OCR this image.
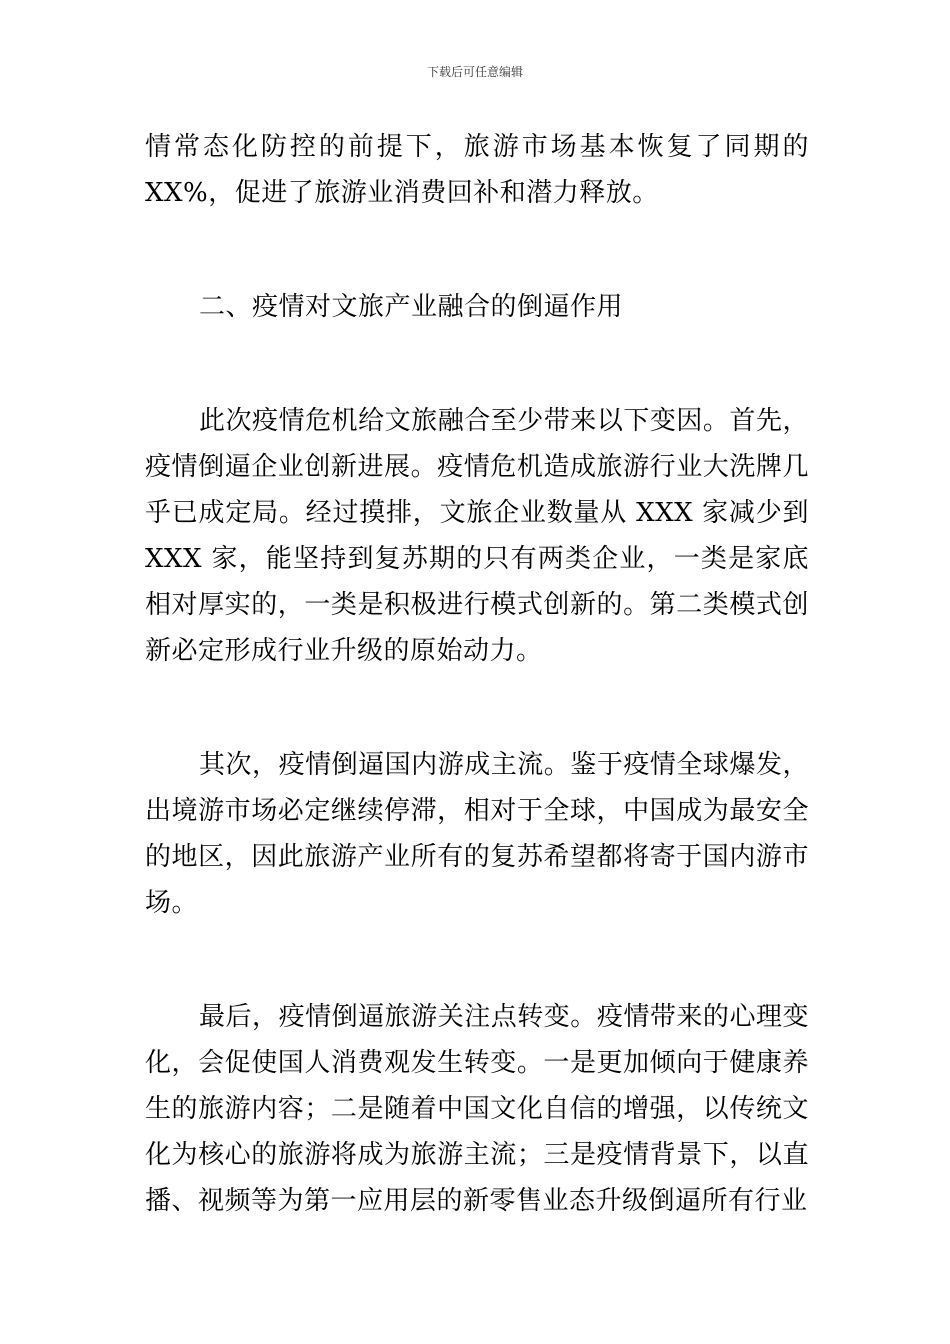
下载后可任意编辑

情常态化防控的前提下，旅游市场基本恢复了同期的 XX%，促进了旅游业消费回补和潜力释放。

二、疫情对文旅产业融合的倒逼作用

此次疫情危机给文旅融合至少带来以下变因。首先，疫情倒逼企业创新进展。疫情危机造成旅游行业大洗牌几乎已成定局。经过摸排，文旅企业数量从 XXX 家减少到 XXX 家，能坚持到复苏期的只有两类企业，一类是家底相对厚实的，一类是积极进行模式创新的。第二类模式创新必定形成行业升级的原始动力。

其次，疫情倒逼国内游成主流。鉴于疫情全球爆发，出境游市场必定继续停滞，相对于全球，中国成为最安全的地区，因此旅游产业所有的复苏希望都将寄于国内游市场。

最后，疫情倒逼旅游关注点转变。疫情带来的心理变化，会促使国人消费观发生转变。一是更加倾向于健康养生的旅游内容；二是随着中国文化自信的增强，以传统文化为核心的旅游将成为旅游主流；三是疫情背景下，以直播、视频等为第一应用层的新零售业态升级倒逼所有行业
